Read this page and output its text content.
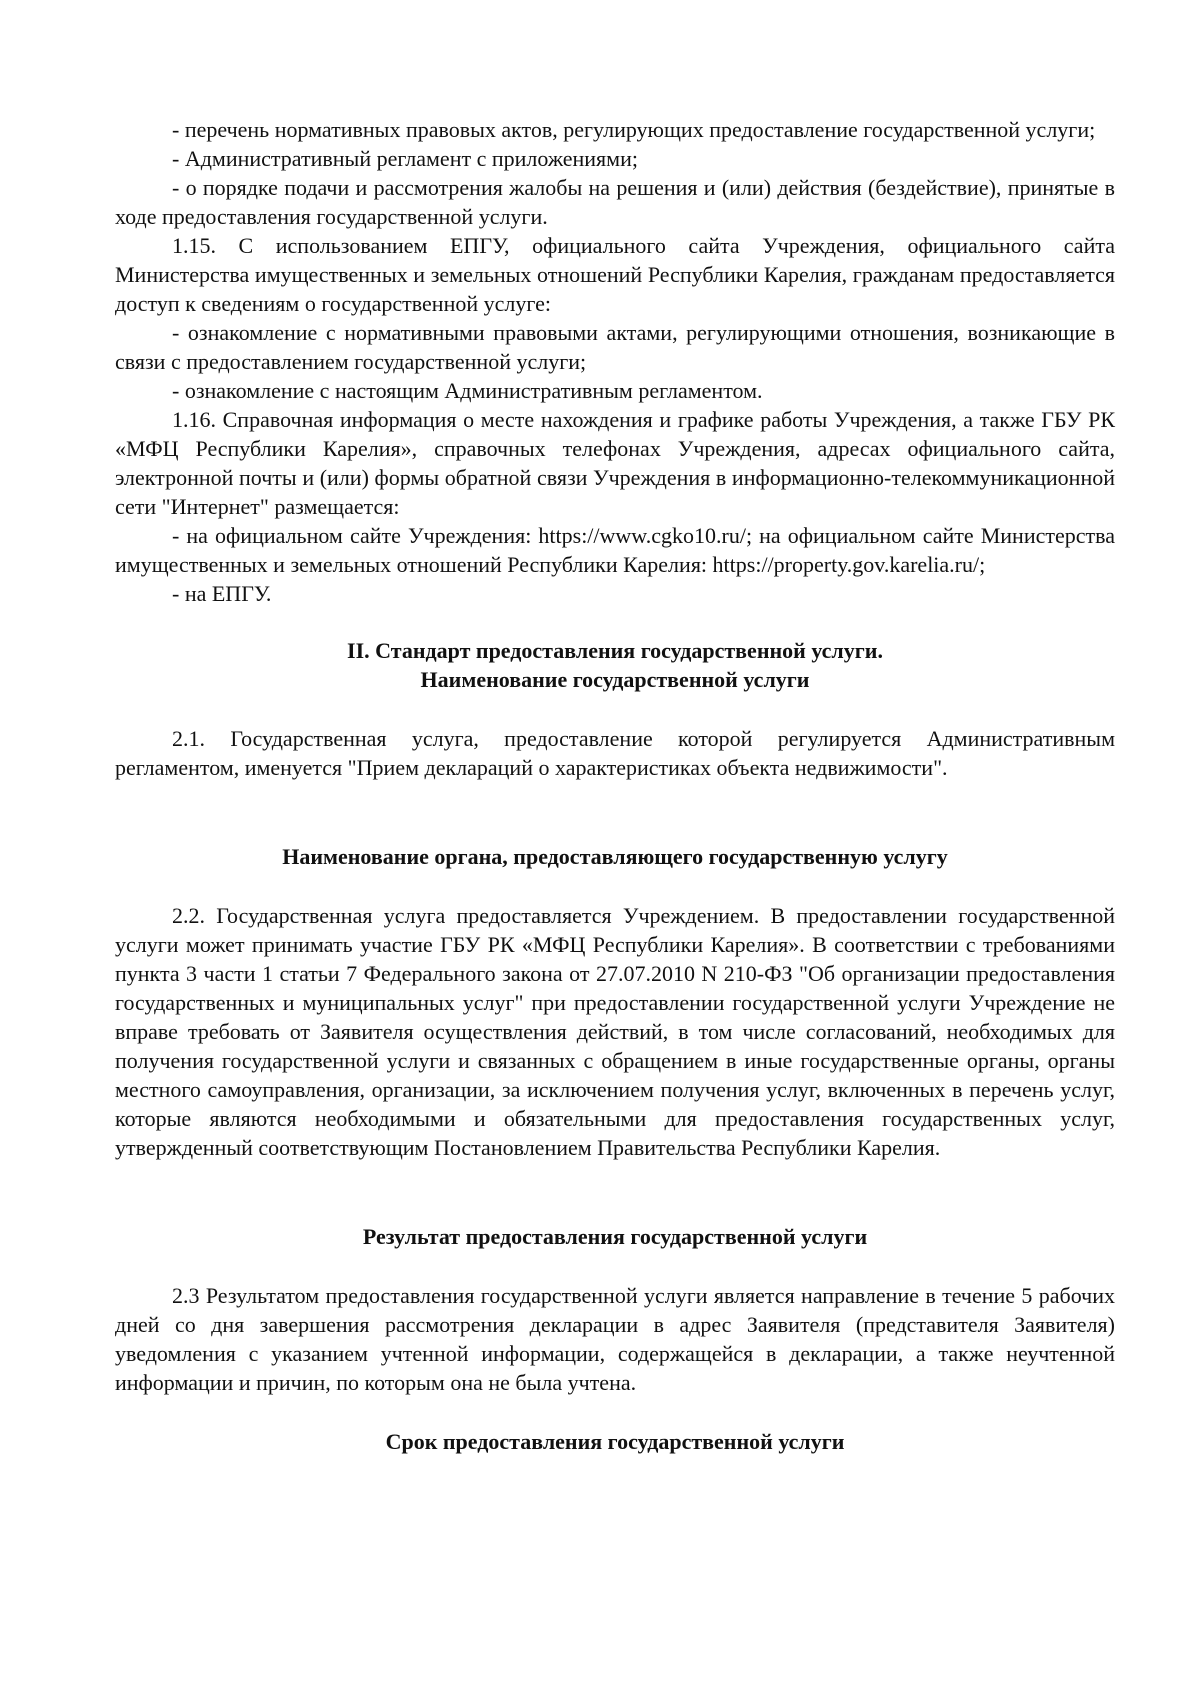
- перечень нормативных правовых актов, регулирующих предоставление государственной услуги;

- Административный регламент с приложениями;

- о порядке подачи и рассмотрения жалобы на решения и (или) действия (бездействие), принятые в ходе предоставления государственной услуги.

1.15. С использованием ЕПГУ, официального сайта Учреждения, официального сайта Министерства имущественных и земельных отношений Республики Карелия, гражданам предоставляется доступ к сведениям о государственной услуге:

- ознакомление с нормативными правовыми актами, регулирующими отношения, возникающие в связи с предоставлением государственной услуги;

- ознакомление с настоящим Административным регламентом.

1.16. Справочная информация о месте нахождения и графике работы Учреждения, а также ГБУ РК «МФЦ Республики Карелия», справочных телефонах Учреждения, адресах официального сайта, электронной почты и (или) формы обратной связи Учреждения в информационно-телекоммуникационной сети "Интернет" размещается:

- на официальном сайте Учреждения: https://www.cgko10.ru/; на официальном сайте Министерства имущественных и земельных отношений Республики Карелия: https://property.gov.karelia.ru/;

- на ЕПГУ.

II. Стандарт предоставления государственной услуги.

Наименование государственной услуги

2.1. Государственная услуга, предоставление которой регулируется Административным регламентом, именуется "Прием деклараций о характеристиках объекта недвижимости".

Наименование органа, предоставляющего государственную услугу

2.2. Государственная услуга предоставляется Учреждением. В предоставлении государственной услуги может принимать участие ГБУ РК «МФЦ Республики Карелия». В соответствии с требованиями пункта 3 части 1 статьи 7 Федерального закона от 27.07.2010 N 210-ФЗ "Об организации предоставления государственных и муниципальных услуг" при предоставлении государственной услуги Учреждение не вправе требовать от Заявителя осуществления действий, в том числе согласований, необходимых для получения государственной услуги и связанных с обращением в иные государственные органы, органы местного самоуправления, организации, за исключением получения услуг, включенных в перечень услуг, которые являются необходимыми и обязательными для предоставления государственных услуг, утвержденный соответствующим Постановлением Правительства Республики Карелия.

Результат предоставления государственной услуги

2.3 Результатом предоставления государственной услуги является направление в течение 5 рабочих дней со дня завершения рассмотрения декларации в адрес Заявителя (представителя Заявителя) уведомления с указанием учтенной информации, содержащейся в декларации, а также неучтенной информации и причин, по которым она не была учтена.

Срок предоставления государственной услуги
